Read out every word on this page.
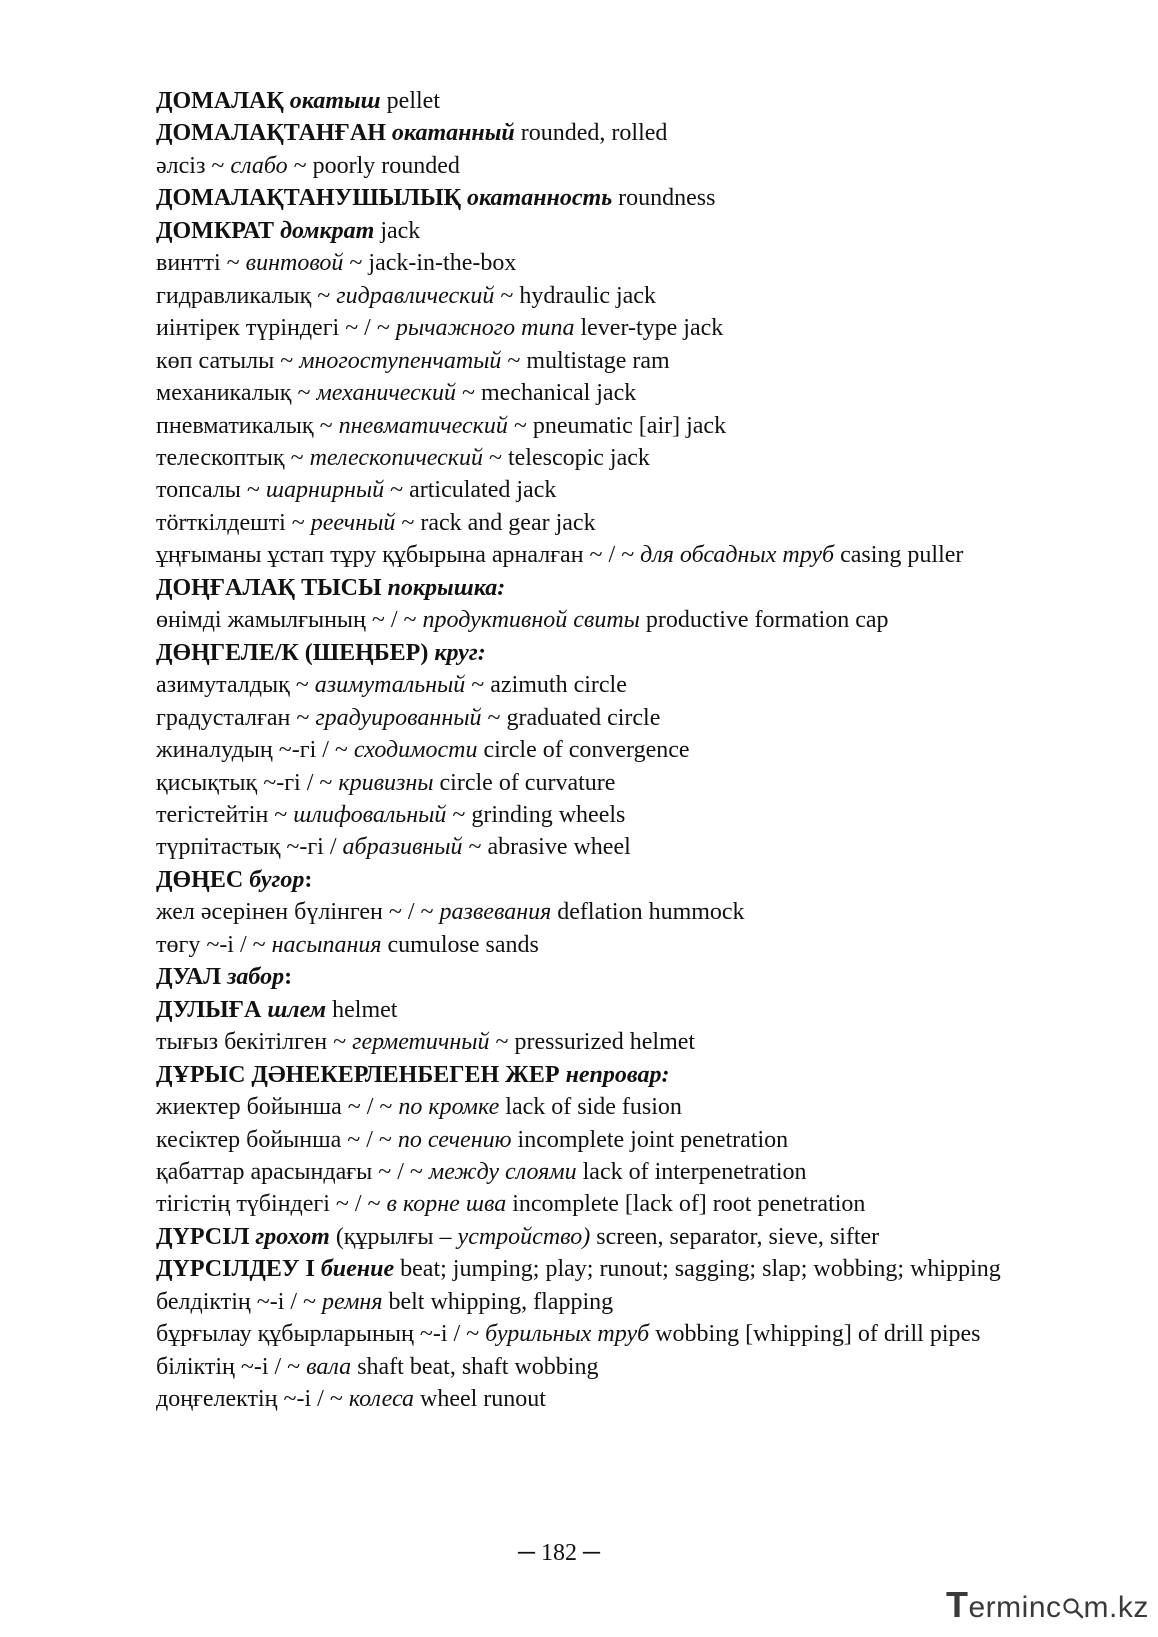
ДОМАЛАҚ окатыш pellet
ДОМАЛАҚТАНҒАН окатанный rounded, rolled
әлсіз ~ слабо ~ poorly rounded
ДОМАЛАҚТАНУШЫЛЫҚ окатанность roundness
ДОМКРАТ домкрат jack
винтті ~ винтовой ~ jack-in-the-box
гидравликалық ~ гидравлический ~ hydraulic jack
иінтірек түріндегі ~ / ~ рычажного типа lever-type jack
көп сатылы ~ многоступенчатый ~ multistage ram
механикалық ~ механический ~ mechanical jack
пневматикалық ~ пневматический ~ pneumatic [air] jack
телескоптық ~ телескопический ~ telescopic jack
топсалы ~ шарнирный ~ articulated jack
тörткілдешті ~ реечный ~ rack and gear jack
ұңғыманы ұстап тұру құбырына арналған ~ / ~ для обсадных труб casing puller
ДОҢҒАЛАҚ ТЫСЫ покрышка:
өнімді жамылғының ~ / ~ продуктивной свиты productive formation cap
ДӨҢГЕЛЕ/К (ШЕҢБЕР) круг:
азимуталдық ~ азимутальный ~ azimuth circle
градусталған ~ градуированный ~ graduated circle
жиналудың ~-гі / ~ сходимости circle of convergence
қисықтық ~-гі / ~ кривизны circle of curvature
тегістейтін ~ шлифовальный ~ grinding wheels
түрпітастық ~-гі / абразивный ~ abrasive wheel
ДӨҢЕС бугор:
жел әсерінен бүлінген ~ / ~ развевания deflation hummock
төгу ~-і / ~ насыпания cumulose sands
ДУАЛ забор:
ДУЛЫҒА шлем helmet
тығыз бекітілген ~ герметичный ~ pressurized helmet
ДҰРЫС ДӘНЕКЕРЛЕНБЕГЕН ЖЕР непровар:
жиектер бойынша ~ / ~ по кромке lack of side fusion
кесіктер бойынша ~ / ~ по сечению incomplete joint penetration
қабаттар арасындағы ~ / ~ между слоями lack of interpenetration
тігістің түбіндегі ~ / ~ в корне шва incomplete [lack of] root penetration
ДҮРСІЛ грохот (құрылғы – устройство) screen, separator, sieve, sifter
ДҮРСІЛДЕУ I биение beat; jumping; play; runout; sagging; slap; wobbing; whipping
белдіктің ~-і / ~ ремня belt whipping, flapping
бұрғылау құбырларының ~-і / ~ бурильных труб wobbing [whipping] of drill pipes
біліктің ~-і / ~ вала shaft beat, shaft wobbing
доңғелектің ~-і / ~ колеса wheel runout
─ 182 ─
Terminc m.kz
